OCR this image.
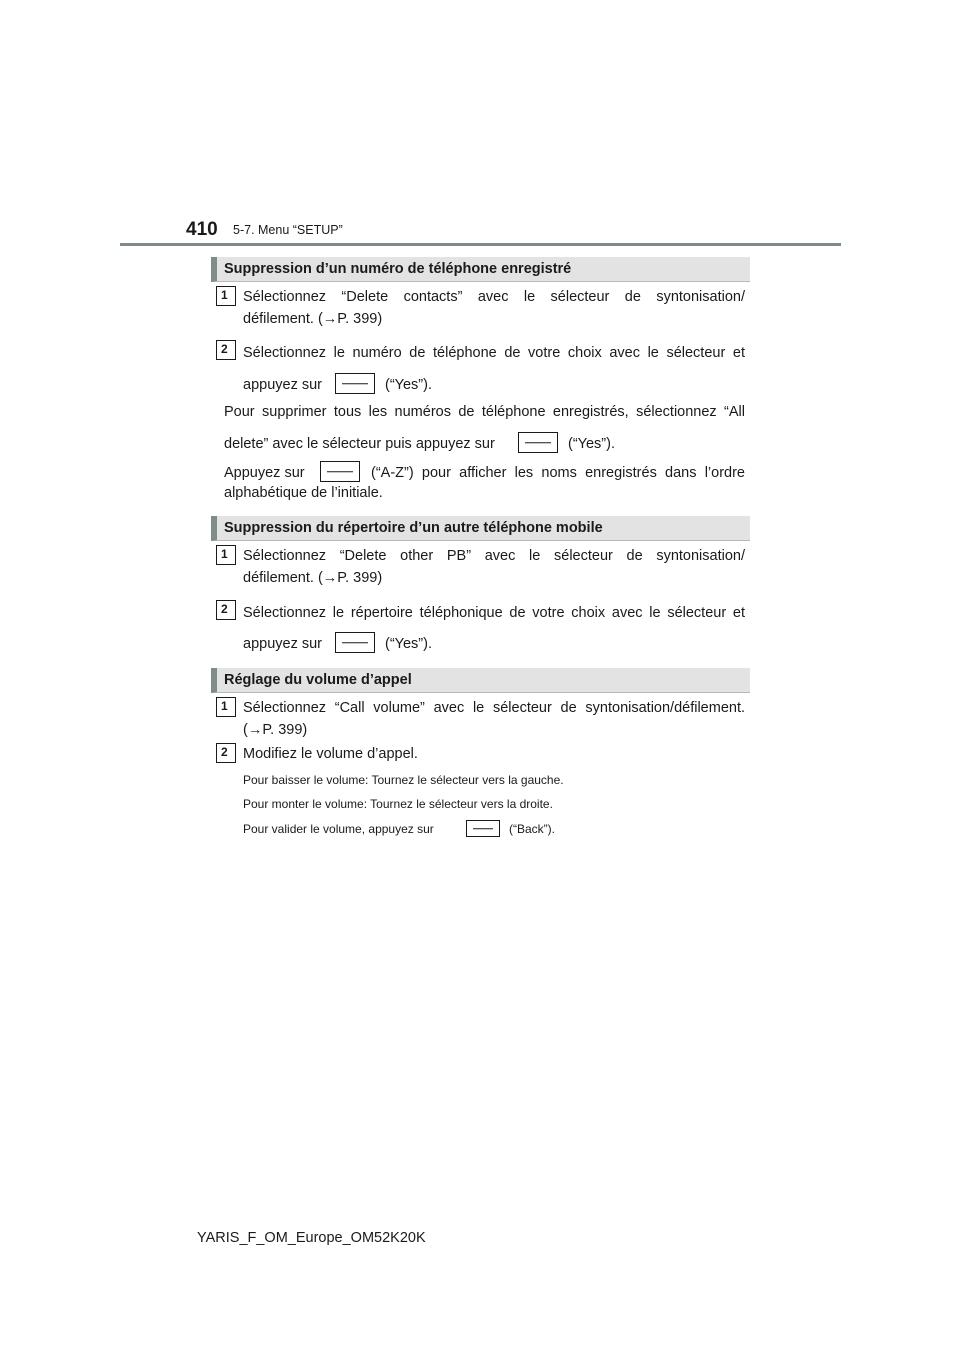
410 5-7. Menu “SETUP”
Suppression d’un numéro de téléphone enregistré
1	Sélectionnez “Delete contacts” avec le sélecteur de syntonisation/
défilement. (→P. 399)
2	Sélectionnez le numéro de téléphone de votre choix avec le sélecteur et
appuyez sur	(“Yes”).
Pour supprimer tous les numéros de téléphone enregistrés, sélectionnez “All
delete” avec le sélecteur puis appuyez sur	(“Yes”).
Appuyez sur	(“A-Z”) pour afficher les noms enregistrés dans l’ordre
alphabétique de l’initiale.
Suppression du répertoire d’un autre téléphone mobile
1	Sélectionnez “Delete other PB” avec le sélecteur de syntonisation/
défilement. (→P. 399)
2	Sélectionnez le répertoire téléphonique de votre choix avec le sélecteur et
appuyez sur	(“Yes”).
Réglage du volume d’appel
1	Sélectionnez “Call volume” avec le sélecteur de syntonisation/défilement.
(→P. 399)
2	Modifiez le volume d’appel.
Pour baisser le volume: Tournez le sélecteur vers la gauche.
Pour monter le volume: Tournez le sélecteur vers la droite.
Pour valider le volume, appuyez sur	(“Back”).
YARIS_F_OM_Europe_OM52K20K
